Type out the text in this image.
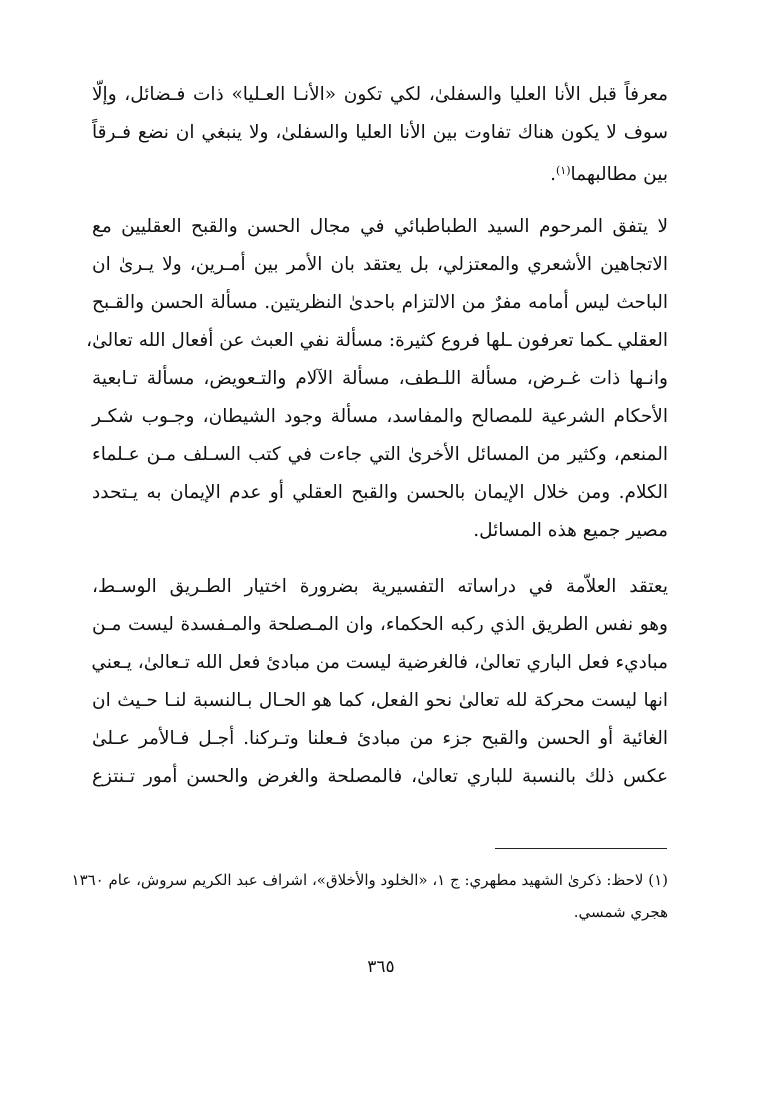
معرفاً قبل الأنا العليا والسفلىٰ، لكي تكون «الأنـا العـليا» ذات فـضائل، وإلّا
سوف لا يكون هناك تفاوت بين الأنا العليا والسفلىٰ، ولا ينبغي ان نضع فـرقاً
بين مطالبهما$^{(١)}$.
لا يتفق المرحوم السيد الطباطبائي في مجال الحسن والقبح العقليين مع
الاتجاهين الأشعري والمعتزلي، بل يعتقد بان الأمر بين أمـرين، ولا يـرىٰ ان
الباحث ليس أمامه مفرٌ من الالتزام باحدىٰ النظريتين. مسألة الحسن والقـبح
العقلي ـكما تعرفون ـلها فروع كثيرة: مسألة نفي العبث عن أفعال الله تعالىٰ،
وانـها ذات غـرض، مسألة اللـطف، مسألة الآلام والتـعويض، مسألة تـابعية
الأحكام الشرعية للمصالح والمفاسد، مسألة وجود الشيطان، وجـوب شكـر
المنعم، وكثير من المسائل الأخرىٰ التي جاءت في كتب السـلف مـن عـلماء
الكلام. ومن خلال الإيمان بالحسن والقبح العقلي أو عدم الإيمان به يـتحدد
مصير جميع هذه المسائل.
يعتقد العلاّمة في دراساته التفسيرية بضرورة اختيار الطـريق الوسـط،
وهو نفس الطريق الذي ركبه الحكماء، وان المـصلحة والمـفسدة ليست مـن
مباديء فعل الباري تعالىٰ، فالغرضية ليست من مبادئ فعل الله تـعالىٰ، يـعني
انها ليست محركة لله تعالىٰ نحو الفعل، كما هو الحـال بـالنسبة لنـا حـيث ان
الغائية أو الحسن والقبح جزء من مبادئ فـعلنا وتـركنا. أجـل فـالأمر عـلىٰ
عكس ذلك بالنسبة للباري تعالىٰ، فالمصلحة والغرض والحسن أمور تـنتزع
(١) لاحظ: ذكرىٰ الشهيد مطهري: ج ١، «الخلود والأخلاق»، اشراف عبد الكريم سروش، عام ١٣٦٠
هجري شمسي.
٣٦٥
